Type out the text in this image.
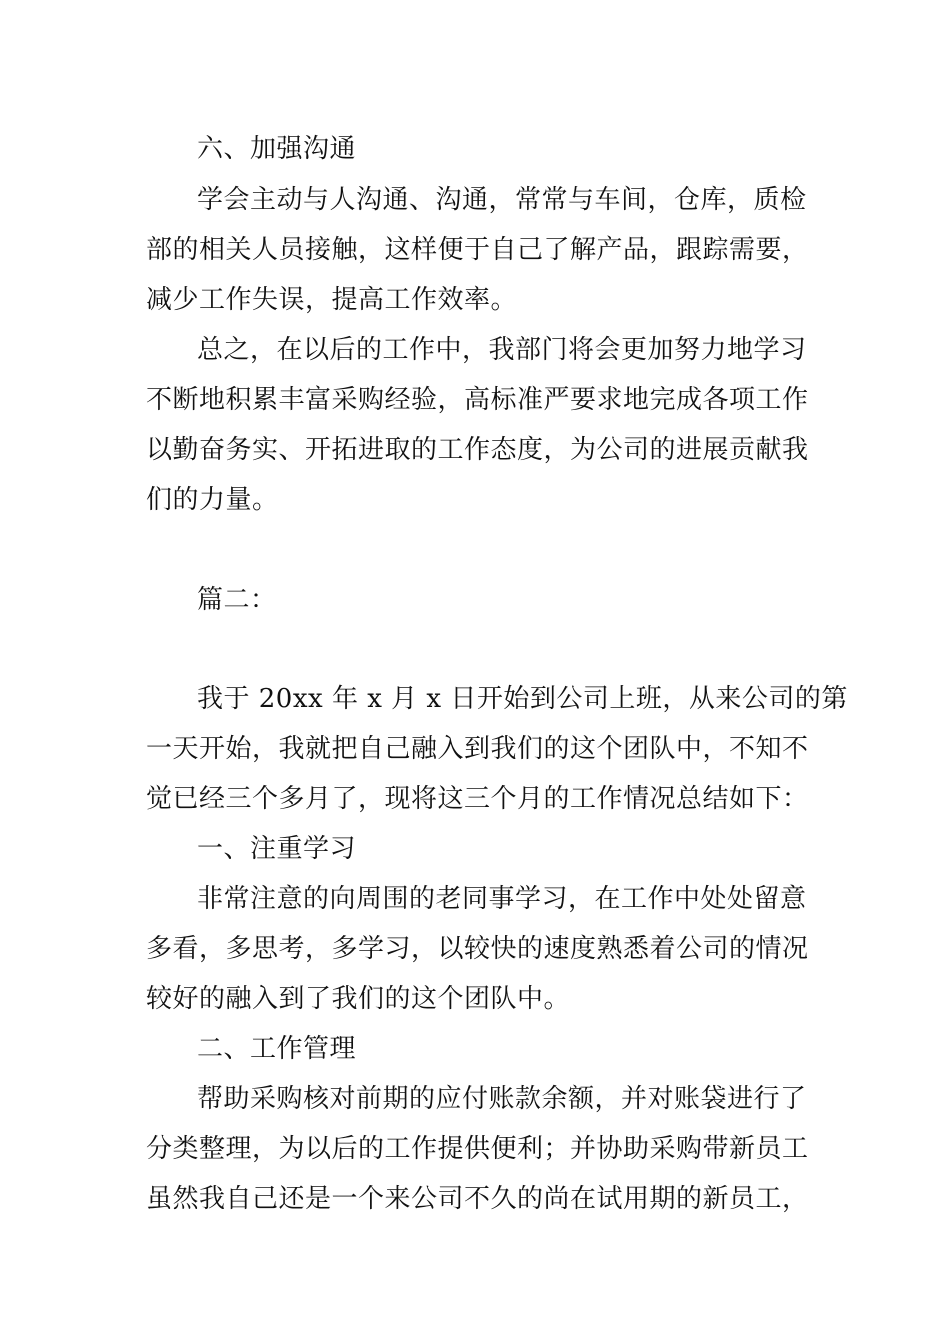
六、加强沟通
学会主动与人沟通、沟通，常常与车间，仓库，质检
部的相关人员接触，这样便于自己了解产品，跟踪需要，
减少工作失误，提高工作效率。
总之，在以后的工作中，我部门将会更加努力地学习
不断地积累丰富采购经验，高标准严要求地完成各项工作
以勤奋务实、开拓进取的工作态度，为公司的进展贡献我
们的力量。
篇二：
我于 20xx 年 x 月 x 日开始到公司上班，从来公司的第
一天开始，我就把自己融入到我们的这个团队中，不知不
觉已经三个多月了，现将这三个月的工作情况总结如下：
一、注重学习
非常注意的向周围的老同事学习，在工作中处处留意
多看，多思考，多学习，以较快的速度熟悉着公司的情况
较好的融入到了我们的这个团队中。
二、工作管理
帮助采购核对前期的应付账款余额，并对账袋进行了
分类整理，为以后的工作提供便利；并协助采购带新员工
虽然我自己还是一个来公司不久的尚在试用期的新员工，
